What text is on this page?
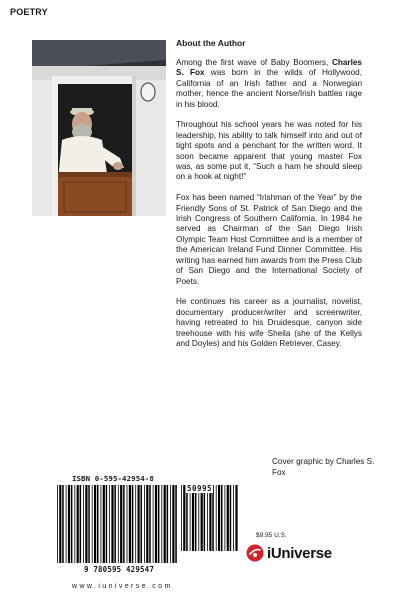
POETRY
About the Author

Among the first wave of Baby Boomers, Charles S. Fox was born in the wilds of Hollywood, California of an Irish father and a Norwegian mother, hence the ancient Norse/Irish battles rage in his blood.

Throughout his school years he was noted for his leadership, his ability to talk himself into and out of tight spots and a penchant for the written word. It soon became apparent that young master Fox was, as some put it, “Such a ham he should sleep on a hook at night!”

Fox has been named “Irishman of the Year” by the Friendly Sons of St. Patrick of San Diego and the Irish Congress of Southern California. In 1984 he served as Chairman of the San Diego Irish Olympic Team Host Committee and is a member of the American Ireland Fund Dinner Committee. His writing has earned him awards from the Press Club of San Diego and the International Society of Poets.

He continues his career as a journalist, novelist, documentary producer/writer and screenwriter, having retreated to his Druidesque, canyon side treehouse with his wife Sheila (she of the Kellys and Doyles) and his Golden Retriever, Casey.

Cover graphic by Charles S. Fox
ISBN 0-595-42954-8
50995
9 780595 429547
$9.95 U.S.
iUniverse
www.iuniverse.com
